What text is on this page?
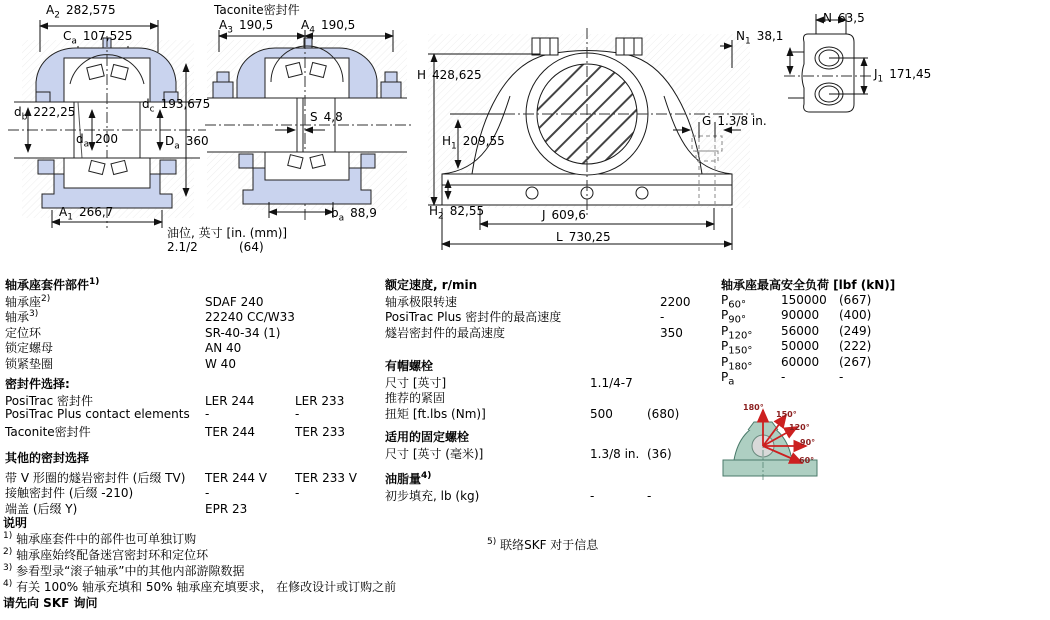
180°
150°
120°
90°
60°
$A_2$ 282,575
$C_a$ 107,525
$d_b$ 222,25
$d_c$ 193,675
$d_a$ 200	$D_a$ 360
$A_1$ 266,7
Taconite密封件
$A_3$ 190,5 $A_4$ 190,5
S 4,8
$b_a$ 88,9
油位, 英寸 [in. (mm)]
2.1/2	(64)
H 428,625
$N_1$ 38,1
$H_1$ 209,55
G 1.3/8 in.
$H_2$ 82,55	J 609,6
L 730,25
N 63,5
$J_1$ 171,45
轴承座套件部件$^{1)}$
轴承座$^{2)}$	SDAF 240
轴承$^{3)}$	22240 CC/W33
定位环	SR-40-34 (1)
锁定螺母	AN 40
锁紧垫圈	W 40
密封件选择:
PosiTrac 密封件	LER 244	LER 233
PosiTrac Plus contact elements	-	-
Taconite密封件	TER 244	TER 233
其他的密封选择
带 V 形圈的燧岩密封件 (后缀 TV)	TER 244 V	TER 233 V
接触密封件 (后缀 -210)	-	-
端盖 (后缀 Y)	EPR 23
额定速度, r/min
轴承极限转速	2200
PosiTrac Plus 密封件的最高速度	-
燧岩密封件的最高速度	350
有帽螺栓
尺寸 [英寸]	1.1/4-7
推荐的紧固
扭矩 [ft.lbs (Nm)]	500	(680)
适用的固定螺栓
尺寸 [英寸 (毫米)]	1.3/8 in. (36)
油脂量$^{4)}$
初步填充, lb (kg)	-	-
轴承座最高安全负荷 [lbf (kN)]
$P_{60^\circ}$	150000	(667)
$P_{90^\circ}$	90000	(400)
$P_{120^\circ}$	56000	(249)
$P_{150^\circ}$	50000	(222)
$P_{180^\circ}$	60000	(267)
$P_a$	-	-
$^{5)}$ 联络SKF 对于信息
说明
$^{1)}$ 轴承座套件中的部件也可单独订购
$^{2)}$ 轴承座始终配备迷宫密封环和定位环
$^{3)}$ 参看型录“滚子轴承”中的其他内部游隙数据
$^{4)}$ 有关 100% 轴承充填和 50% 轴承座充填要求， 在修改设计或订购之前
请先向 SKF 询问
